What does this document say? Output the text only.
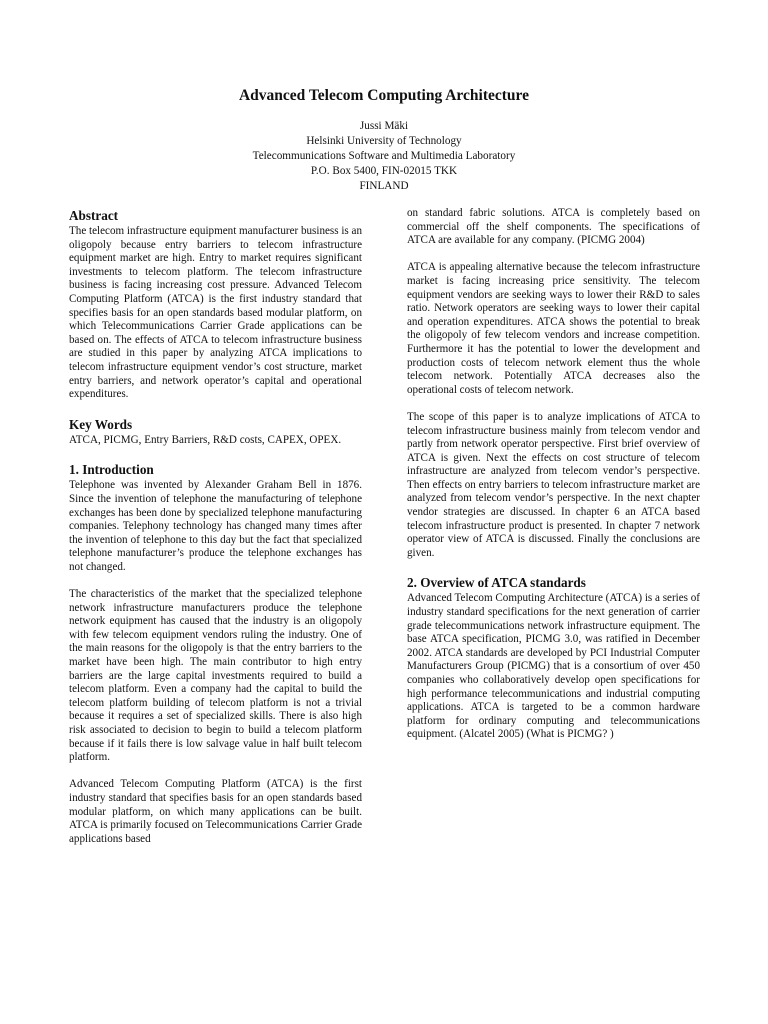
Advanced Telecom Computing Architecture
Jussi Mäki
Helsinki University of Technology
Telecommunications Software and Multimedia Laboratory
P.O. Box 5400, FIN-02015 TKK
FINLAND
Abstract

The telecom infrastructure equipment manufacturer business is an oligopoly because entry barriers to telecom infrastructure equipment market are high. Entry to market requires significant investments to telecom platform. The telecom infrastructure business is facing increasing cost pressure. Advanced Telecom Computing Platform (ATCA) is the first industry standard that specifies basis for an open standards based modular platform, on which Telecommunications Carrier Grade applications can be based on. The effects of ATCA to telecom infrastructure business are studied in this paper by analyzing ATCA implications to telecom infrastructure equipment vendor’s cost structure, market entry barriers, and network operator’s capital and operational expenditures.

Key Words

ATCA, PICMG, Entry Barriers, R&D costs, CAPEX, OPEX.

1. Introduction

Telephone was invented by Alexander Graham Bell in 1876. Since the invention of telephone the manufacturing of telephone exchanges has been done by specialized telephone manufacturing companies. Telephony technology has changed many times after the invention of telephone to this day but the fact that specialized telephone manufacturer’s produce the telephone exchanges has not changed.

The characteristics of the market that the specialized telephone network infrastructure manufacturers produce the telephone network equipment has caused that the industry is an oligopoly with few telecom equipment vendors ruling the industry. One of the main reasons for the oligopoly is that the entry barriers to the market have been high. The main contributor to high entry barriers are the large capital investments required to build a telecom platform. Even a company had the capital to build the telecom platform building of telecom platform is not a trivial because it requires a set of specialized skills. There is also high risk associated to decision to begin to build a telecom platform because if it fails there is low salvage value in half built telecom platform.

Advanced Telecom Computing Platform (ATCA) is the first industry standard that specifies basis for an open standards based modular platform, on which many applications can be built. ATCA is primarily focused on Telecommunications Carrier Grade applications based

on standard fabric solutions. ATCA is completely based on commercial off the shelf components. The specifications of ATCA are available for any company. (PICMG 2004)

ATCA is appealing alternative because the telecom infrastructure market is facing increasing price sensitivity. The telecom equipment vendors are seeking ways to lower their R&D to sales ratio. Network operators are seeking ways to lower their capital and operation expenditures. ATCA shows the potential to break the oligopoly of few telecom vendors and increase competition. Furthermore it has the potential to lower the development and production costs of telecom network element thus the whole telecom network. Potentially ATCA decreases also the operational costs of telecom network.

The scope of this paper is to analyze implications of ATCA to telecom infrastructure business mainly from telecom vendor and partly from network operator perspective. First brief overview of ATCA is given. Next the effects on cost structure of telecom infrastructure are analyzed from telecom vendor’s perspective. Then effects on entry barriers to telecom infrastructure market are analyzed from telecom vendor’s perspective. In the next chapter vendor strategies are discussed. In chapter 6 an ATCA based telecom infrastructure product is presented. In chapter 7 network operator view of ATCA is discussed. Finally the conclusions are given.

2. Overview of ATCA standards

Advanced Telecom Computing Architecture (ATCA) is a series of industry standard specifications for the next generation of carrier grade telecommunications network infrastructure equipment. The base ATCA specification, PICMG 3.0, was ratified in December 2002. ATCA standards are developed by PCI Industrial Computer Manufacturers Group (PICMG) that is a consortium of over 450 companies who collaboratively develop open specifications for high performance telecommunications and industrial computing applications. ATCA is targeted to be a common hardware platform for ordinary computing and telecommunications equipment. (Alcatel 2005) (What is PICMG? )
